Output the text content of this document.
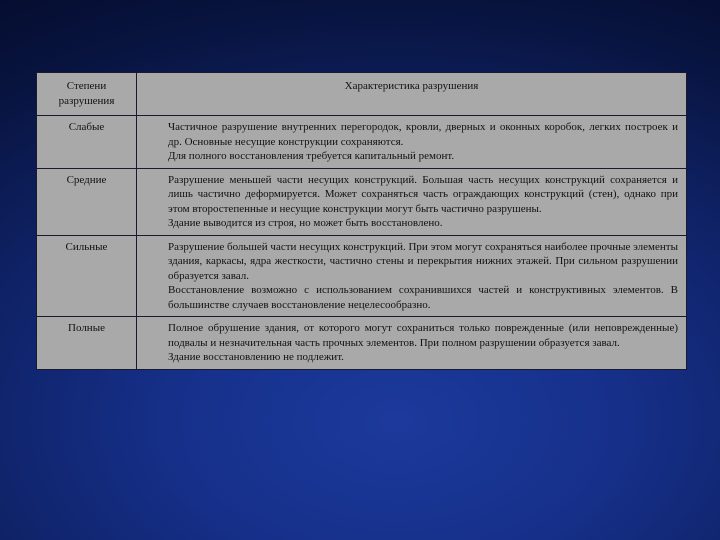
Степени разрушения	Характеристика разрушения
Слабые	Частичное разрушение внутренних перегородок, кровли, дверных и оконных коробок, легких построек и др. Основные несущие конструкции сохраняются.

Для полного восстановления требуется капитальный ремонт.

Средние	Разрушение меньшей части несущих конструкций. Большая часть несущих конструкций сохраняется и лишь частично деформируется. Может сохраняться часть ограждающих конструкций (стен), однако при этом второстепенные и несущие конструкции могут быть частично разрушены.

Здание выводится из строя, но может быть восстановлено.

Сильные	Разрушение большей части несущих конструкций. При этом могут сохраняться наиболее прочные элементы здания, каркасы, ядра жесткости, частично стены и перекрытия нижних этажей. При сильном разрушении образуется завал.

Восстановление возможно с использованием сохранившихся частей и конструктивных элементов. В большинстве случаев восстановление нецелесообразно.

Полные	Полное обрушение здания, от которого могут сохраниться только поврежденные (или неповрежденные) подвалы и незначительная часть прочных элементов. При полном разрушении образуется завал.

Здание восстановлению не подлежит.
